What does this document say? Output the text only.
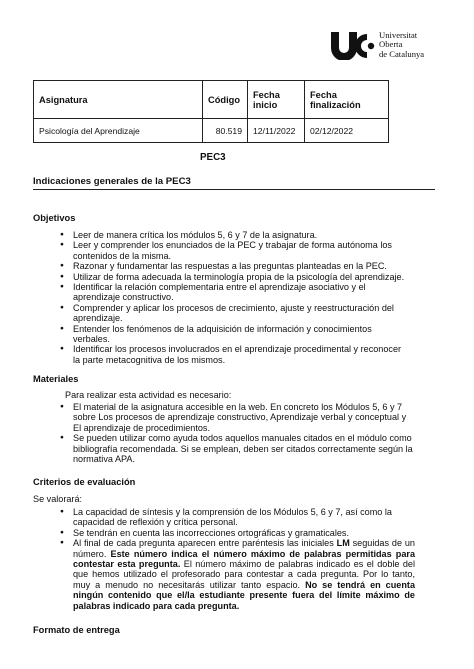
Universitat
Oberta
de Catalunya
Asignatura	Código	Fecha inicio	Fecha finalización
Psicología del Aprendizaje	80.519	12/11/2022	02/12/2022
PEC3
Indicaciones generales de la PEC3
Objetivos
● Leer de manera crítica los módulos 5, 6 y 7 de la asignatura.
● Leer y comprender los enunciados de la PEC y trabajar de forma autónoma los contenidos de la misma.
● Razonar y fundamentar las respuestas a las preguntas planteadas en la PEC.
● Utilizar de forma adecuada la terminología propia de la psicología del aprendizaje.
● Identificar la relación complementaria entre el aprendizaje asociativo y el aprendizaje constructivo.
● Comprender y aplicar los procesos de crecimiento, ajuste y reestructuración del aprendizaje.
● Entender los fenómenos de la adquisición de información y conocimientos verbales.
● Identificar los procesos involucrados en el aprendizaje procedimental y reconocer la parte metacognitiva de los mismos.
Materiales
Para realizar esta actividad es necesario:
● El material de la asignatura accesible en la web. En concreto los Módulos 5, 6 y 7 sobre Los procesos de aprendizaje constructivo, Aprendizaje verbal y conceptual y El aprendizaje de procedimientos.
● Se pueden utilizar como ayuda todos aquellos manuales citados en el módulo como bibliografía recomendada. Si se emplean, deben ser citados correctamente según la normativa APA.
Criterios de evaluación
Se valorará:
● La capacidad de síntesis y la comprensión de los Módulos 5, 6 y 7, así como la capacidad de reflexión y crítica personal.
● Se tendrán en cuenta las incorrecciones ortográficas y gramaticales.
● Al final de cada pregunta aparecen entre paréntesis las iniciales LM seguidas de un número. Este número indica el número máximo de palabras permitidas para contestar esta pregunta. El número máximo de palabras indicado es el doble del que hemos utilizado el profesorado para contestar a cada pregunta. Por lo tanto, muy a menudo no necesitarás utilizar tanto espacio. No se tendrá en cuenta ningún contenido que el/la estudiante presente fuera del límite máximo de palabras indicado para cada pregunta.
Formato de entrega
